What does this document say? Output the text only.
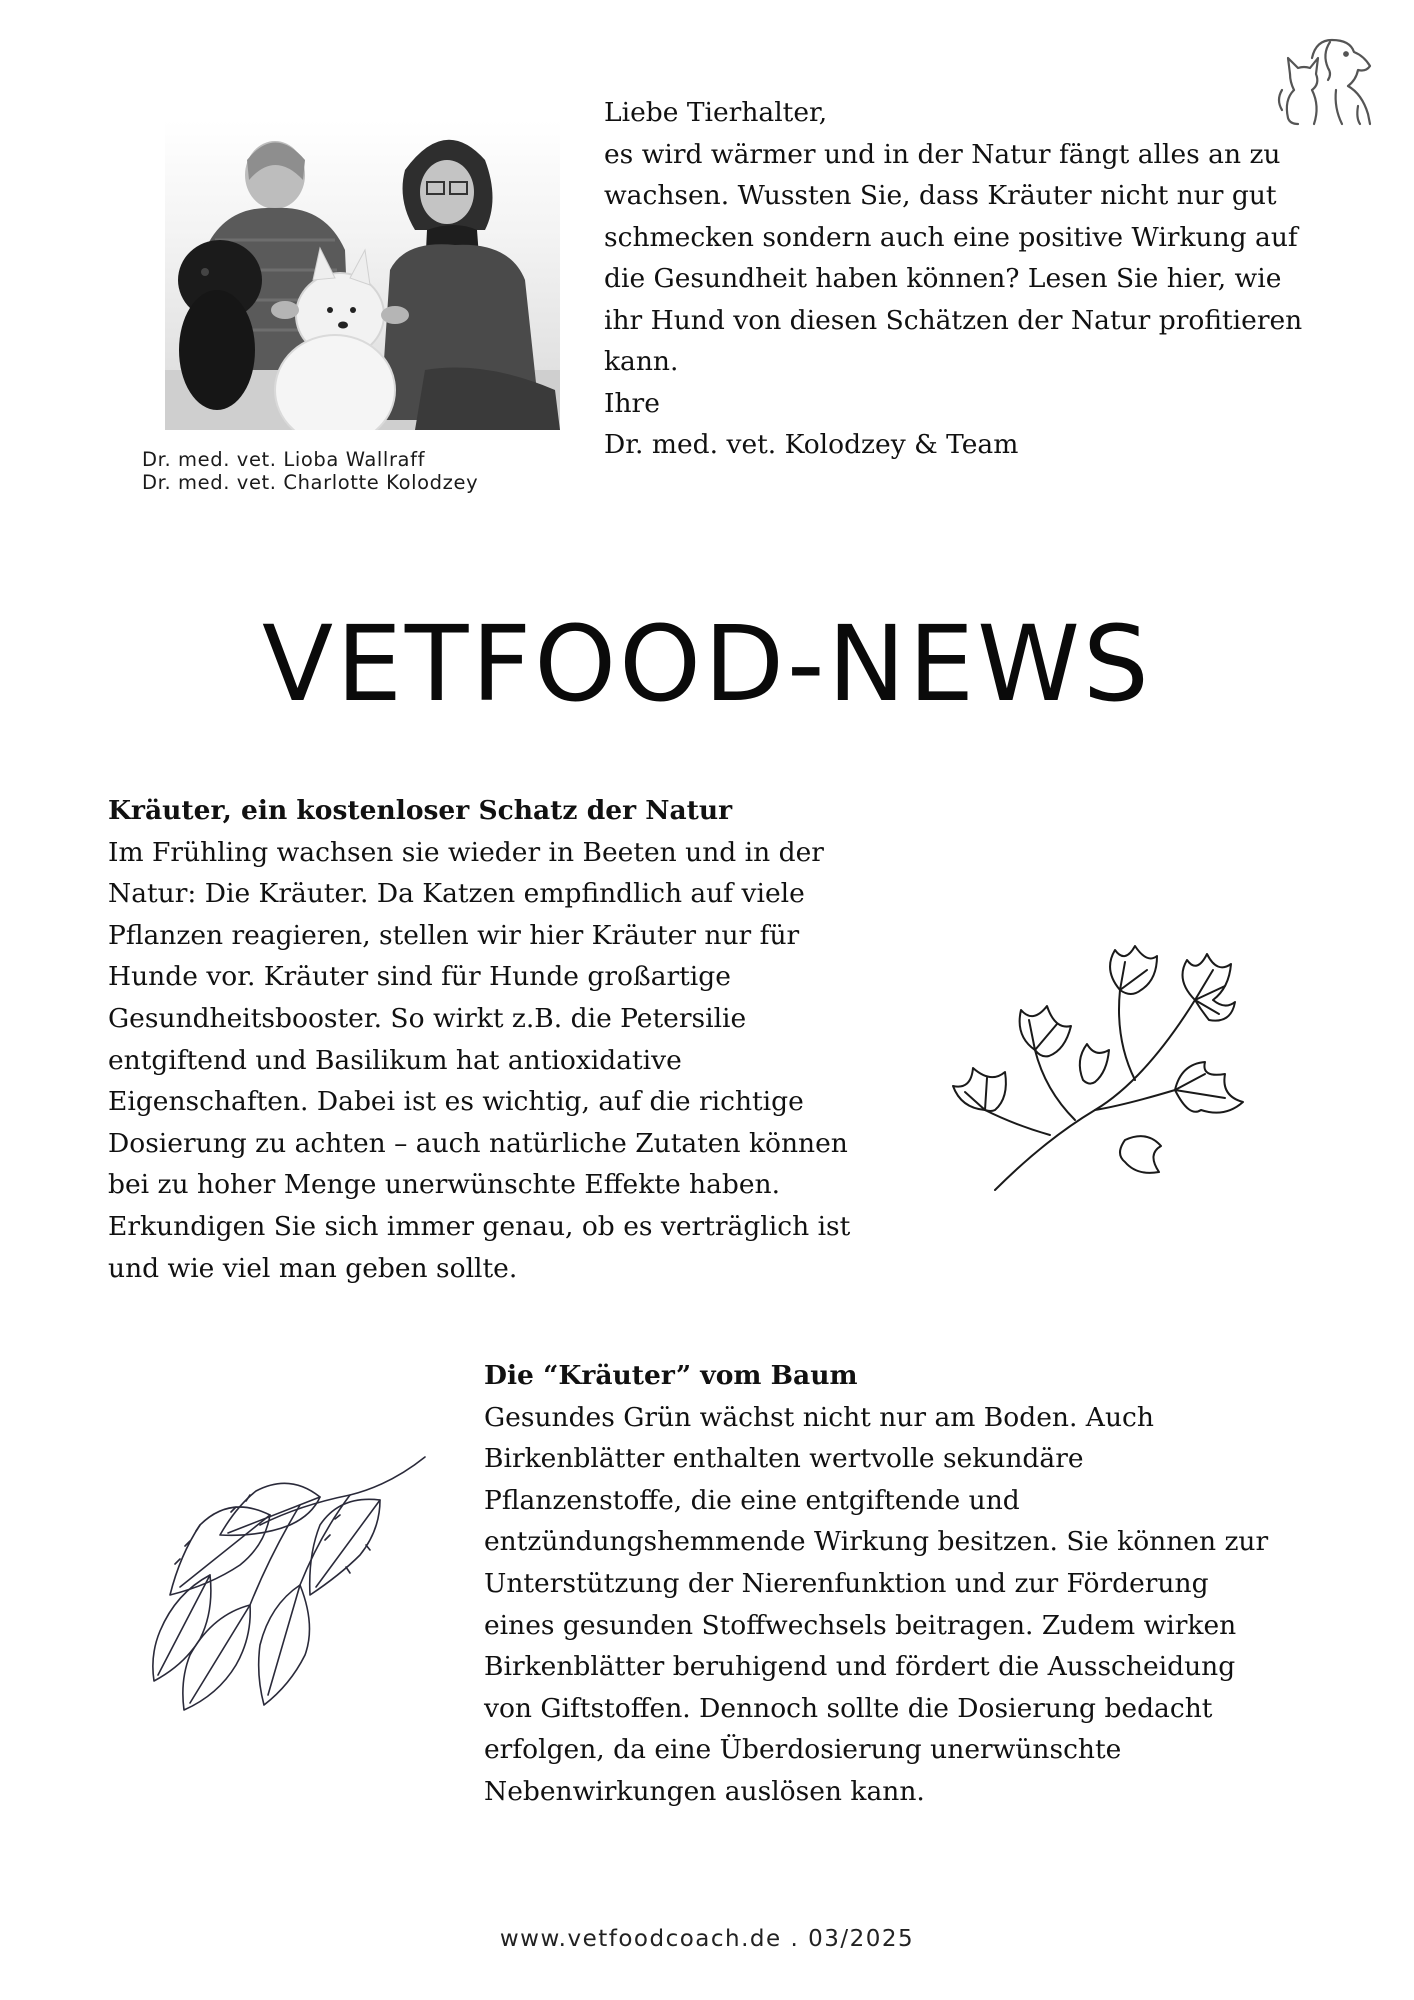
Dr. med. vet. Lioba Wallraff
Dr. med. vet. Charlotte Kolodzey
Liebe Tierhalter,
es wird wärmer und in der Natur fängt alles an zu
wachsen. Wussten Sie, dass Kräuter nicht nur gut
schmecken sondern auch eine positive Wirkung auf
die Gesundheit haben können? Lesen Sie hier, wie
ihr Hund von diesen Schätzen der Natur profitieren
kann.
Ihre
Dr. med. vet. Kolodzey & Team
VETFOOD-NEWS
Kräuter, ein kostenloser Schatz der Natur
Im Frühling wachsen sie wieder in Beeten und in der
Natur: Die Kräuter. Da Katzen empfindlich auf viele
Pflanzen reagieren, stellen wir hier Kräuter nur für
Hunde vor. Kräuter sind für Hunde großartige
Gesundheitsbooster. So wirkt z.B. die Petersilie
entgiftend und Basilikum hat antioxidative
Eigenschaften. Dabei ist es wichtig, auf die richtige
Dosierung zu achten – auch natürliche Zutaten können
bei zu hoher Menge unerwünschte Effekte haben.
Erkundigen Sie sich immer genau, ob es verträglich ist
und wie viel man geben sollte.
Die “Kräuter” vom Baum
Gesundes Grün wächst nicht nur am Boden. Auch
Birkenblätter enthalten wertvolle sekundäre
Pflanzenstoffe, die eine entgiftende und
entzündungshemmende Wirkung besitzen. Sie können zur
Unterstützung der Nierenfunktion und zur Förderung
eines gesunden Stoffwechsels beitragen. Zudem wirken
Birkenblätter beruhigend und fördert die Ausscheidung
von Giftstoffen. Dennoch sollte die Dosierung bedacht
erfolgen, da eine Überdosierung unerwünschte
Nebenwirkungen auslösen kann.
www.vetfoodcoach.de . 03/2025
